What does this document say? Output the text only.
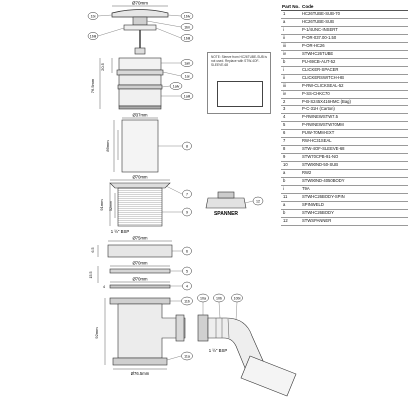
Ø70mm
20.5
76.5mm
Ø37mm
89mm
Ø70mm
91mm 52mm
1 ½" BSP
Ø75mm
6.5
Ø70mm
15.5
Ø70mm
4
92mm
Ø76.5mm
1 ½" BSP
SPANNER
1bi
1biii
1biv
1bii
1biii
1aii
1ai
1aiv
1aiii
8
7
9
12
6
5
4
11b
10a	10b	10bi
11a
NOTE: Sleeve from HC26TUBE-SUB is not used. Replace with STW-4OF-SLEEVE-68
Part No.	Code
1	HC26TUBE-SUB-70
a	HC26TUBE-SUB
i	P-1/4UNC-INSERT
ii	P-OR-037.00-1.50
iii	P-OR-HC26
iv	STWHC26TUBE
b	PU-69CB-AUT-52
i	CLICKER-SPACER
ii	CLICKERSWITCH-HB
iii	P-RW-CLICKSEAL-52
iv	P-SS-CHKC70
2	P-B-S245X416HMC (Bag)
3	P-C-31H (Carton)
4	P-RWNEWSTW7.5
5	P-RWNEWSTW70MM
6	PUW-70MM-EXT
7	RW-HC31SEAL
8	STW-4OF-SLEEVE-68
9	STW70CPB-91-NO
10	STW90ND-50-SUB
a	RW2
b	STW90ND-4050BODY
i	T9A
11	STWHC26BODY-SPIN
a	SPINWELD
b	STWHC26BODY
12	STWSPANNER
